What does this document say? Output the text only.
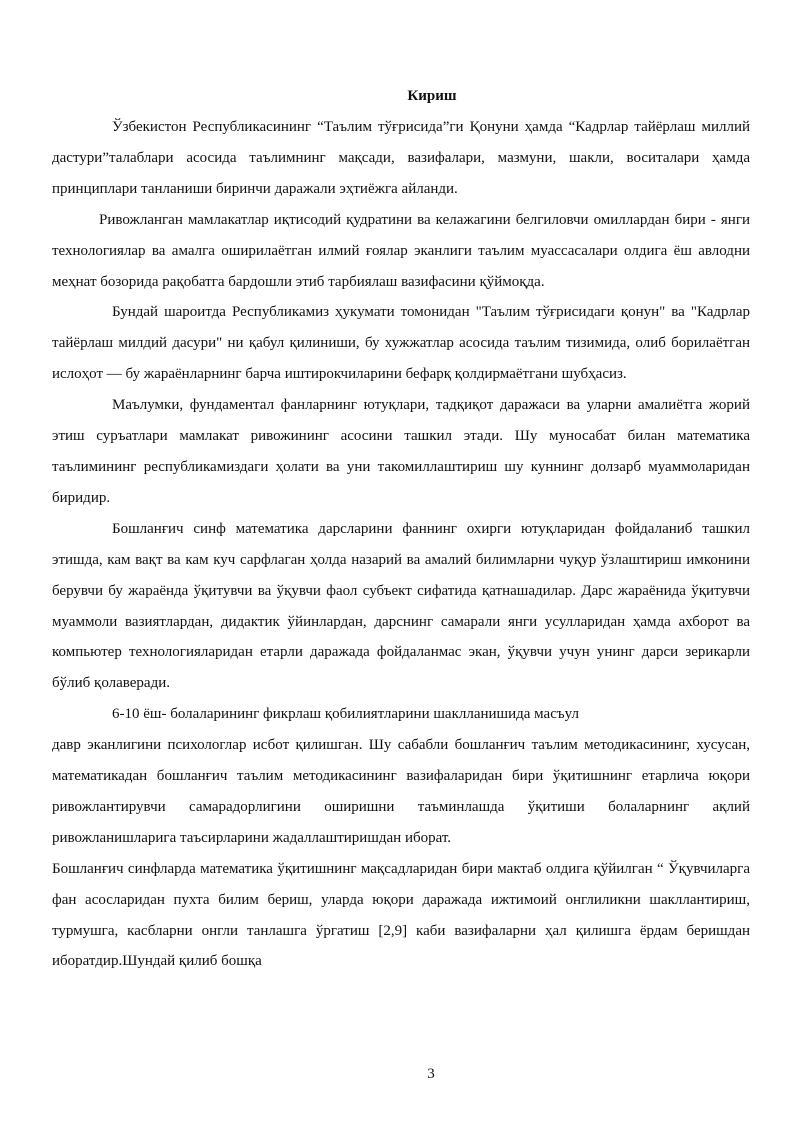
Кириш

Ўзбекистон Республикасининг “Таълим тўғрисида”ги Қонуни ҳамда “Кадрлар тайёрлаш миллий дастури”талаблари асосида таълимнинг мақсади, вазифалари, мазмуни, шакли, воситалари ҳамда принциплари танланиши биринчи даражали эҳтиёжга айланди.

Ривожланган мамлакатлар иқтисодий қудратини ва келажагини белгиловчи омиллардан бири - янги технологиялар ва амалга оширилаётган илмий ғоялар эканлиги таълим муассасалари олдига ёш авлодни меҳнат бозорида рақобатга бардошли этиб тарбиялаш вазифасини қўймоқда.

Бундай шароитда Республикамиз ҳукумати томонидан "Таълим тўғрисидаги қонун" ва "Кадрлар тайёрлаш милдий дасури" ни қабул қилиниши, бу хужжатлар асосида таълим тизимида, олиб борилаётган ислоҳот — бу жараёнларнинг барча иштирокчиларини бефарқ қолдирмаётгани шубҳасиз.

Маълумки, фундаментал фанларнинг ютуқлари, тадқиқот даражаси ва уларни амалиётга жорий этиш суръатлари мамлакат ривожининг асосини ташкил этади. Шу муносабат билан математика таълимининг республикамиздаги ҳолати ва уни такомиллаштириш шу куннинг долзарб муаммоларидан биридир.

Бошланғич синф математика дарсларини фаннинг охирги ютуқларидан фойдаланиб ташкил этишда, кам вақт ва кам куч сарфлаган ҳолда назарий ва амалий билимларни чуқур ўзлаштириш имконини берувчи бу жараёнда ўқитувчи ва ўқувчи фаол субъект сифатида қатнашадилар. Дарс жараёнида ўқитувчи муаммоли вазиятлардан, дидактик ўйинлардан, дарснинг самарали янги усулларидан ҳамда ахборот ва компьютер технологияларидан етарли даражада фойдаланмас экан, ўқувчи учун унинг дарси зерикарли бўлиб қолаверади.

6-10 ёш- болаларининг фикрлаш қобилиятларини шаклланишида масъул

давр эканлигини психологлар исбот қилишган. Шу сабабли бошланғич таълим методикасининг, хусусан, математикадан бошланғич таълим методикасининг вазифаларидан бири ўқитишнинг етарлича юқори ривожлантирувчи самарадорлигини оширишни таъминлашда ўқитиши болаларнинг ақлий ривожланишларига таъсирларини жадаллаштиришдан иборат.

Бошланғич синфларда математика ўқитишнинг мақсадларидан бири мактаб олдига қўйилган “ Ўқувчиларга фан асосларидан пухта билим бериш, уларда юқори даражада ижтимоий онглиликни шакллантириш, турмушга, касбларни онгли танлашга ўргатиш [2,9] каби вазифаларни ҳал қилишга ёрдам беришдан иборатдир.Шундай қилиб бошқа

3
